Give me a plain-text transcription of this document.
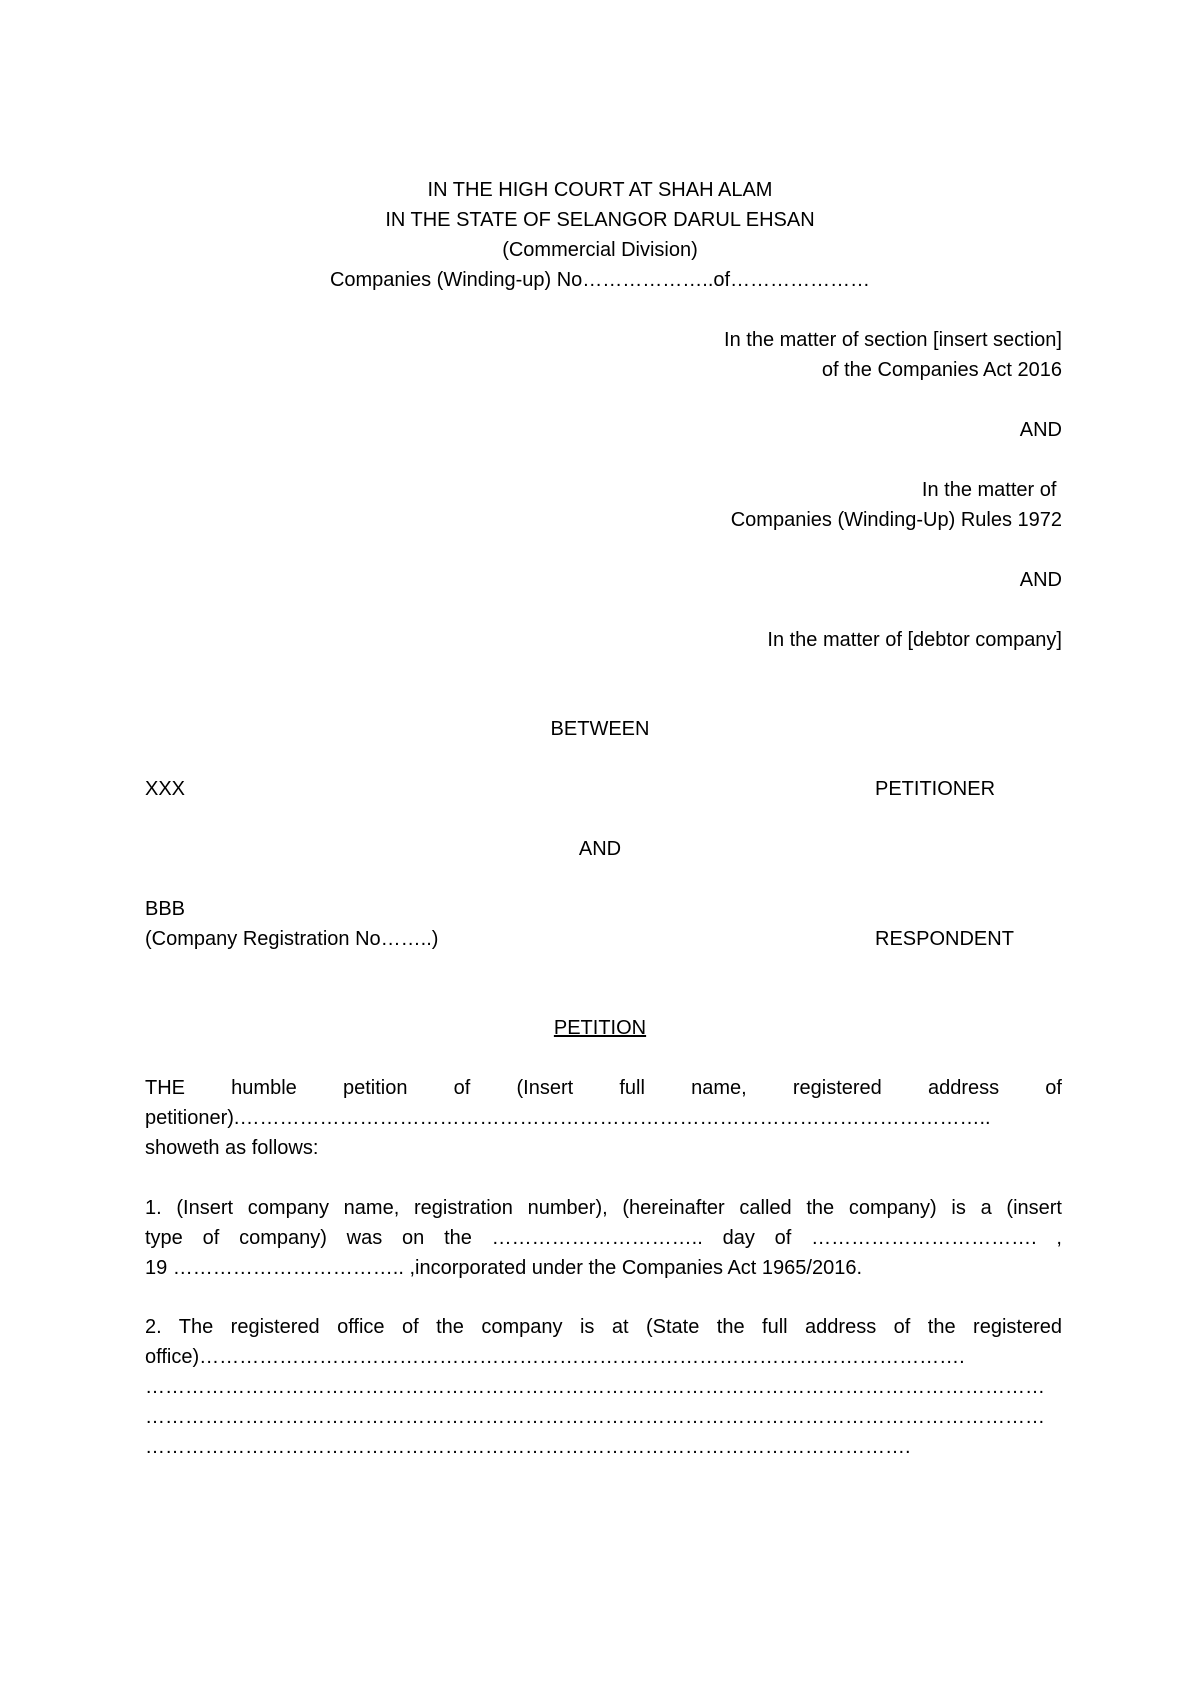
IN THE HIGH COURT AT SHAH ALAM
IN THE STATE OF SELANGOR DARUL EHSAN
(Commercial Division)
Companies (Winding-up) No………………..of…………………
In the matter of section [insert section]
of the Companies Act 2016
AND
In the matter of
Companies (Winding-Up) Rules 1972
AND
In the matter of [debtor company]
BETWEEN
XXX	PETITIONER
AND
BBB
(Company Registration No……..)	RESPONDENT
PETITION
THE humble petition of (Insert full name, registered address of
petitioner).…………………………………………………………………………………………………..
showeth as follows:
1. (Insert company name, registration number), (hereinafter called the company) is a (insert
type of company) was on the ………………………….. day of ……………………………. ,
19 …………………………….. ,incorporated under the Companies Act 1965/2016.
2. The registered office of the company is at (State the full address of the registered
office)…………………………………………………………………………………………………….
………………………………………………………………………………………………………………………
………………………………………………………………………………………………………………………
…………………………………………………………………………………………………….
